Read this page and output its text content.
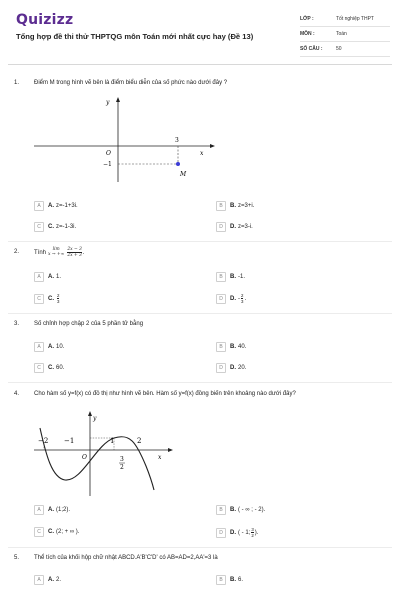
Quizizz
Tổng hợp đề thi thử THPTQG môn Toán mới nhất cực hay (Đề 13)
LỚP :	Tốt nghiệp THPT
MÔN :	Toán
SỐ CÂU :	50
1. Điểm M trong hình vẽ bên là điểm biểu diễn của số phức nào dưới đây ?
y
x
O
3
−1
M
A	A. z=-1+3i.	B	B. z=3+i.
C	C. z=-1-3i.	D	D. z=3-i.
2. Tính lim
x → +∞ $\frac{2x - 3}{2x + 3}$ .
A	A. 1.	B	B. -1.
C	C. $\frac{2}{3}$	D	D. - $\frac{2}{3}$ .
3. Số chỉnh hợp chập 2 của 5 phần tử bằng
A	A. 10.	B	B. 40.
C	C. 60.	D	D. 20.
4. Cho hàm số y=f(x) có đồ thị như hình vẽ bên. Hàm số y=f(x) đồng biến trên khoảng nào dưới đây?
y
x
O
−2 −1	1	2
3
2
A	A. (1;2).	B	B. ( - ∞ ; - 2).
C	C. (2; + ∞ ).	D	D. ( - 1; $\frac{3}{2}$ ).
5. Thể tích của khối hộp chữ nhật ABCD.A'B'C'D' có AB=AD=2,AA'=3 là
A	A. 2.	B	B. 6.
